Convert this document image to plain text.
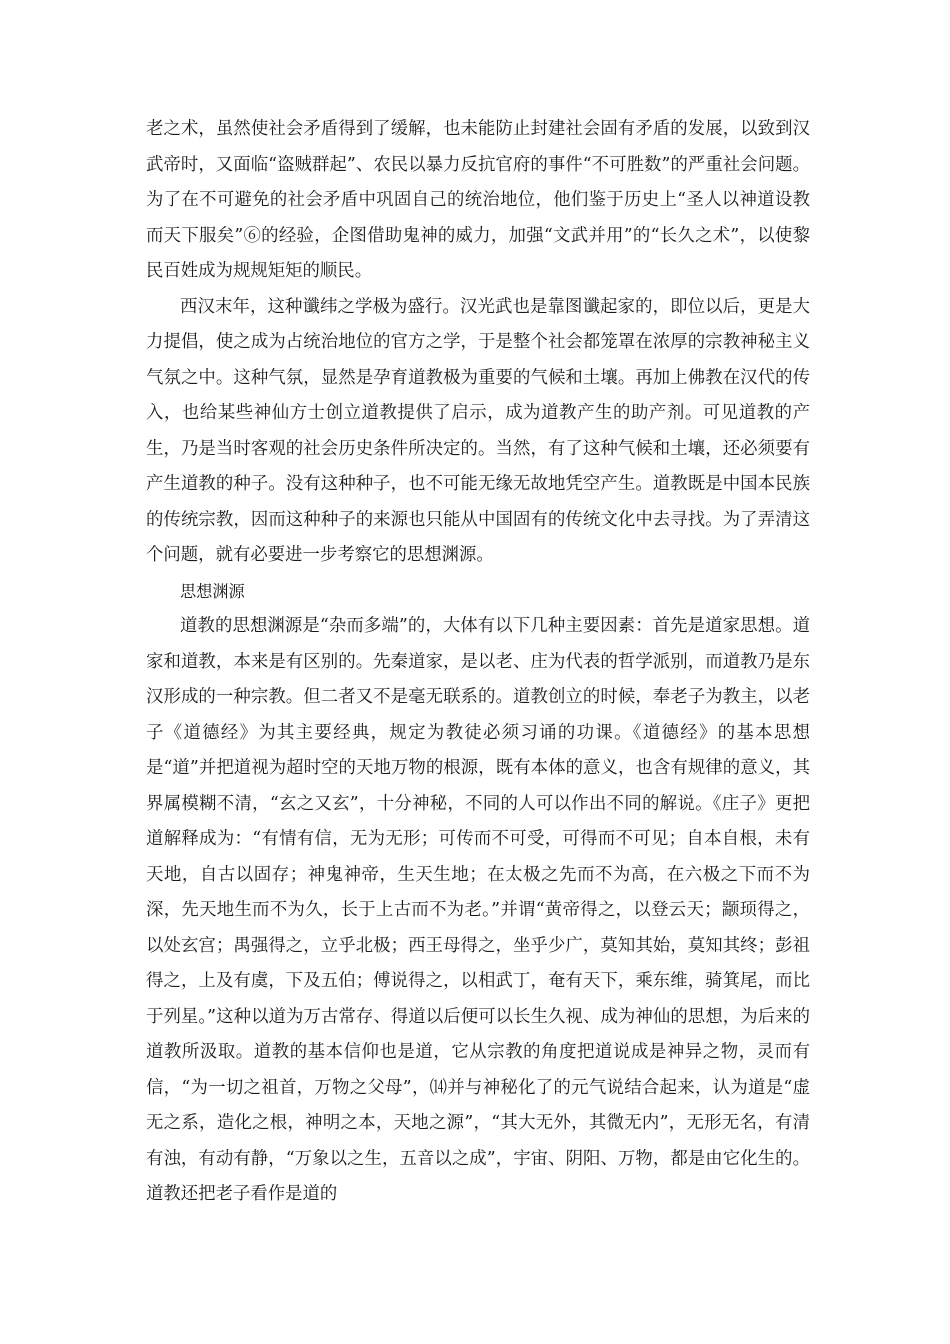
老之术，虽然使社会矛盾得到了缓解，也未能防止封建社会固有矛盾的发展，以致到汉武帝时，又面临“盗贼群起”、农民以暴力反抗官府的事件“不可胜数”的严重社会问题。为了在不可避免的社会矛盾中巩固自己的统治地位，他们鉴于历史上“圣人以神道设教而天下服矣”⑥的经验，企图借助鬼神的威力，加强“文武并用”的“长久之术”，以使黎民百姓成为规规矩矩的顺民。

西汉末年，这种谶纬之学极为盛行。汉光武也是靠图谶起家的，即位以后，更是大力提倡，使之成为占统治地位的官方之学，于是整个社会都笼罩在浓厚的宗教神秘主义气氛之中。这种气氛，显然是孕育道教极为重要的气候和土壤。再加上佛教在汉代的传入，也给某些神仙方士创立道教提供了启示，成为道教产生的助产剂。可见道教的产生，乃是当时客观的社会历史条件所决定的。当然，有了这种气候和土壤，还必须要有产生道教的种子。没有这种种子，也不可能无缘无故地凭空产生。道教既是中国本民族的传统宗教，因而这种种子的来源也只能从中国固有的传统文化中去寻找。为了弄清这个问题，就有必要进一步考察它的思想渊源。

思想渊源

道教的思想渊源是“杂而多端”的，大体有以下几种主要因素：首先是道家思想。道家和道教，本来是有区别的。先秦道家，是以老、庄为代表的哲学派别，而道教乃是东汉形成的一种宗教。但二者又不是毫无联系的。道教创立的时候，奉老子为教主，以老子《道德经》为其主要经典，规定为教徒必须习诵的功课。《道德经》的基本思想是“道”并把道视为超时空的天地万物的根源，既有本体的意义，也含有规律的意义，其界属模糊不清，“玄之又玄”，十分神秘，不同的人可以作出不同的解说。《庄子》更把道解释成为：“有情有信，无为无形；可传而不可受，可得而不可见；自本自根，未有天地，自古以固存；神鬼神帝，生天生地；在太极之先而不为高，在六极之下而不为深，先天地生而不为久，长于上古而不为老。”并谓“黄帝得之，以登云天；颛顼得之，以处玄宫；禺强得之，立乎北极；西王母得之，坐乎少广，莫知其始，莫知其终；彭祖得之，上及有虞，下及五伯；傅说得之，以相武丁，奄有天下，乘东维，骑箕尾，而比于列星。”这种以道为万古常存、得道以后便可以长生久视、成为神仙的思想，为后来的道教所汲取。道教的基本信仰也是道，它从宗教的角度把道说成是神异之物，灵而有信，“为一切之祖首，万物之父母”，⒁并与神秘化了的元气说结合起来，认为道是“虚无之系，造化之根，神明之本，天地之源”，“其大无外，其微无内”，无形无名，有清有浊，有动有静，“万象以之生，五音以之成”，宇宙、阴阳、万物，都是由它化生的。道教还把老子看作是道的
